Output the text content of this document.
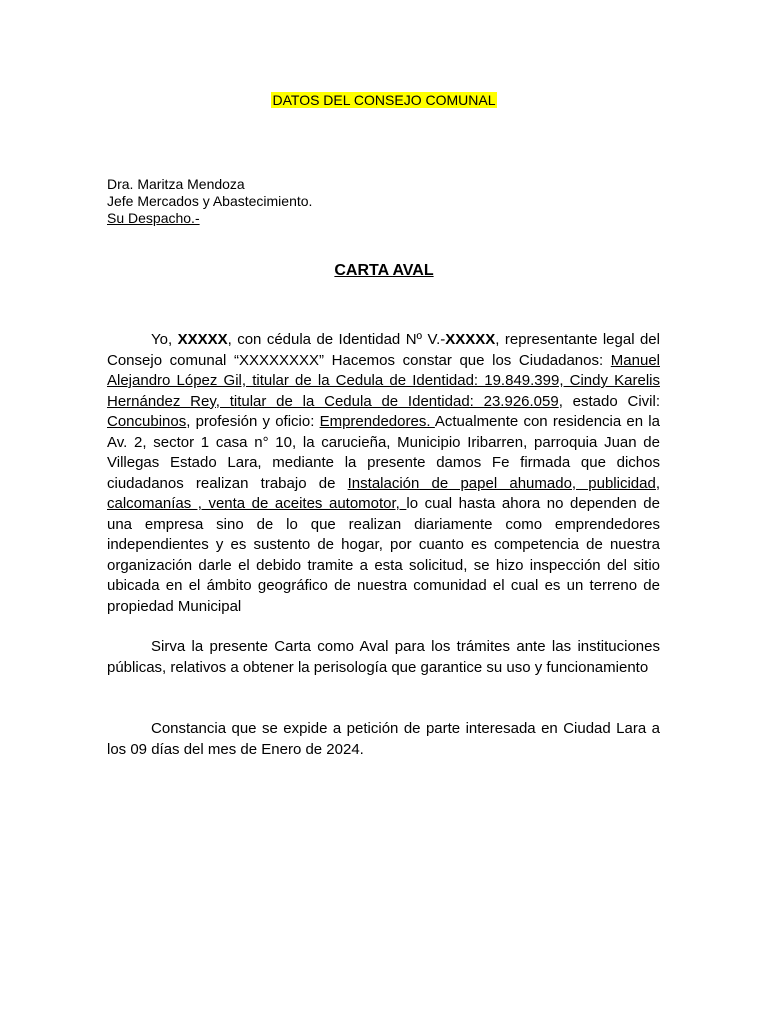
DATOS DEL CONSEJO COMUNAL
Dra. Maritza Mendoza
Jefe Mercados y Abastecimiento.
Su Despacho.-
CARTA AVAL
Yo, XXXXX, con cédula de Identidad Nº V.-XXXXX, representante legal del Consejo comunal “XXXXXXXX” Hacemos constar que los Ciudadanos: Manuel Alejandro López Gil, titular de la Cedula de Identidad: 19.849.399, Cindy Karelis Hernández Rey, titular de la Cedula de Identidad: 23.926.059, estado Civil: Concubinos, profesión y oficio: Emprendedores. Actualmente con residencia en la Av. 2, sector 1 casa n° 10, la carucieña, Municipio Iribarren, parroquia Juan de Villegas Estado Lara, mediante la presente damos Fe firmada que dichos ciudadanos realizan trabajo de Instalación de papel ahumado, publicidad, calcomanías , venta de aceites automotor, lo cual hasta ahora no dependen de una empresa sino de lo que realizan diariamente como emprendedores independientes y es sustento de hogar, por cuanto es competencia de nuestra organización darle el debido tramite a esta solicitud, se hizo inspección del sitio ubicada en el ámbito geográfico de nuestra comunidad el cual es un terreno de propiedad Municipal
Sirva la presente Carta como Aval para los trámites ante las instituciones públicas, relativos a obtener la perisología que garantice su uso y funcionamiento
Constancia que se expide a petición de parte interesada en Ciudad Lara a los 09 días del mes de Enero de 2024.
